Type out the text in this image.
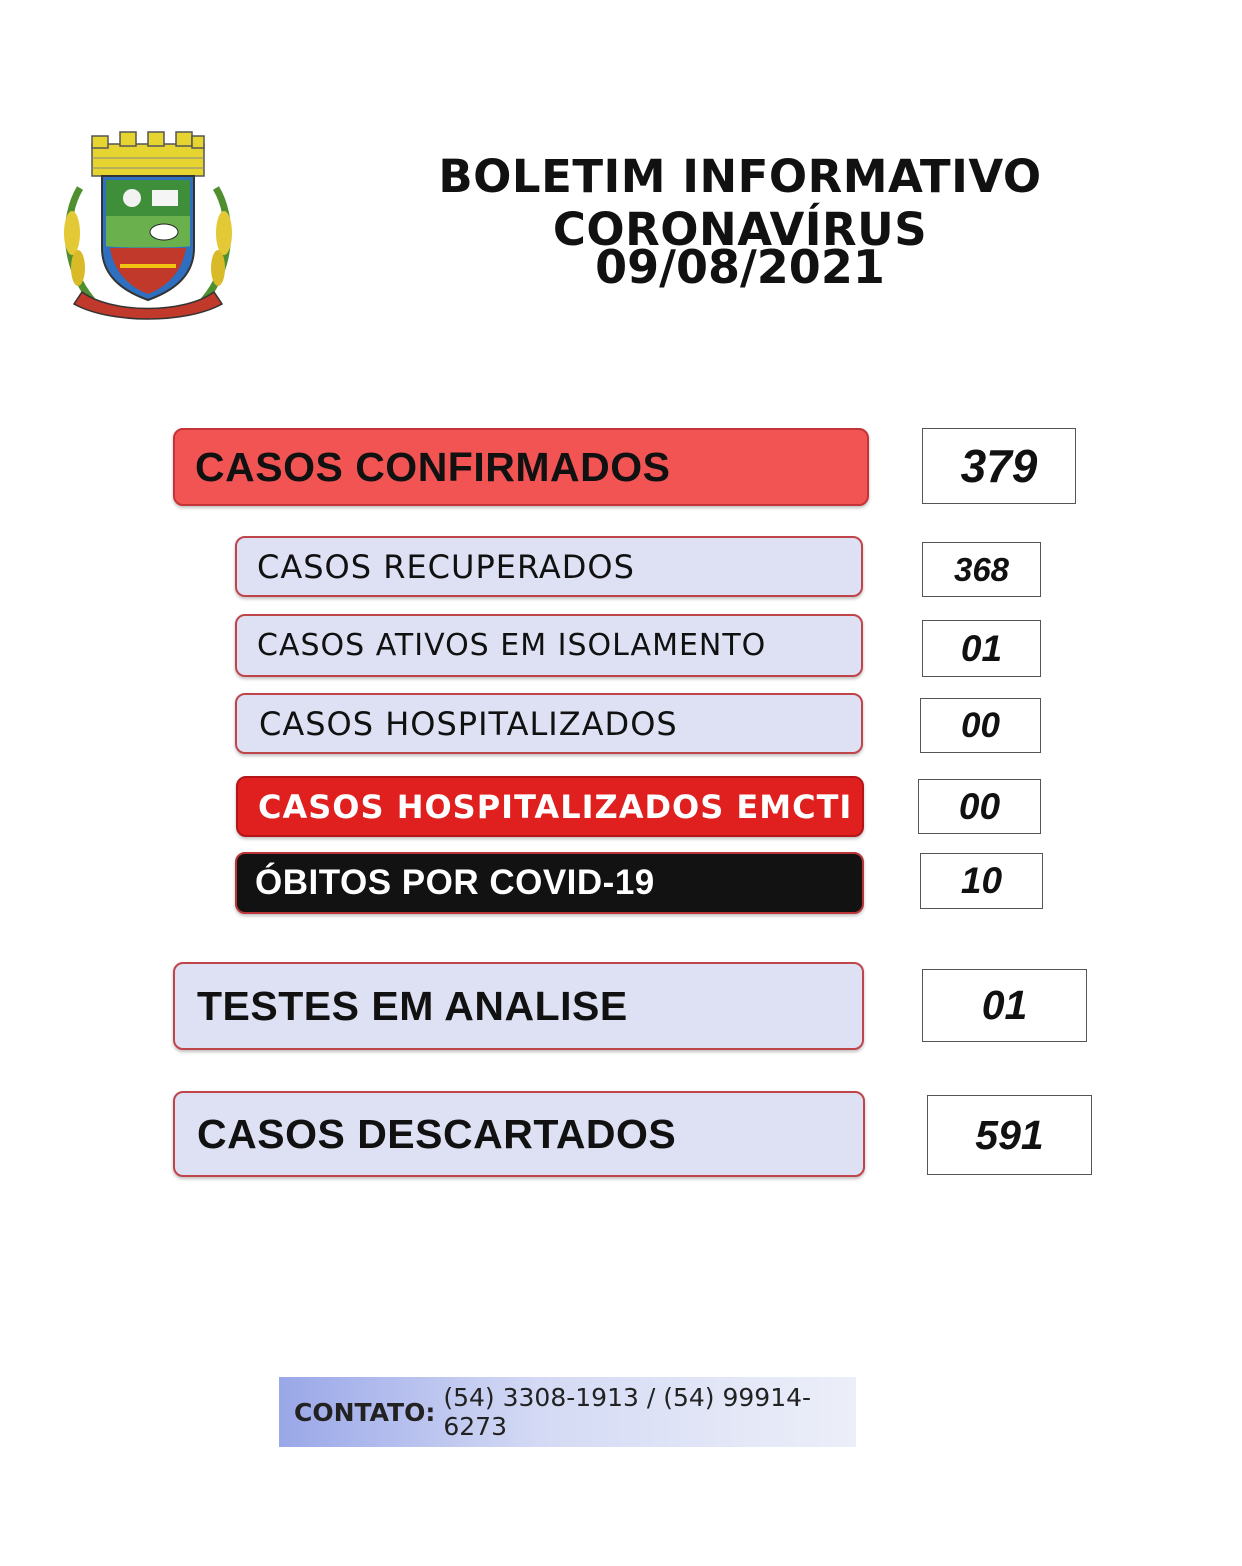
BOLETIM INFORMATIVO CORONAVÍRUS
09/08/2021
CASOS CONFIRMADOS	379
CASOS RECUPERADOS	368
CASOS ATIVOS EM ISOLAMENTO	01
CASOS HOSPITALIZADOS	00
CASOS HOSPITALIZADOS EMCTI	00
ÓBITOS POR COVID-19	10
TESTES EM ANALISE	01
CASOS DESCARTADOS	591
CONTATO: (54) 3308-1913 / (54) 99914-6273
